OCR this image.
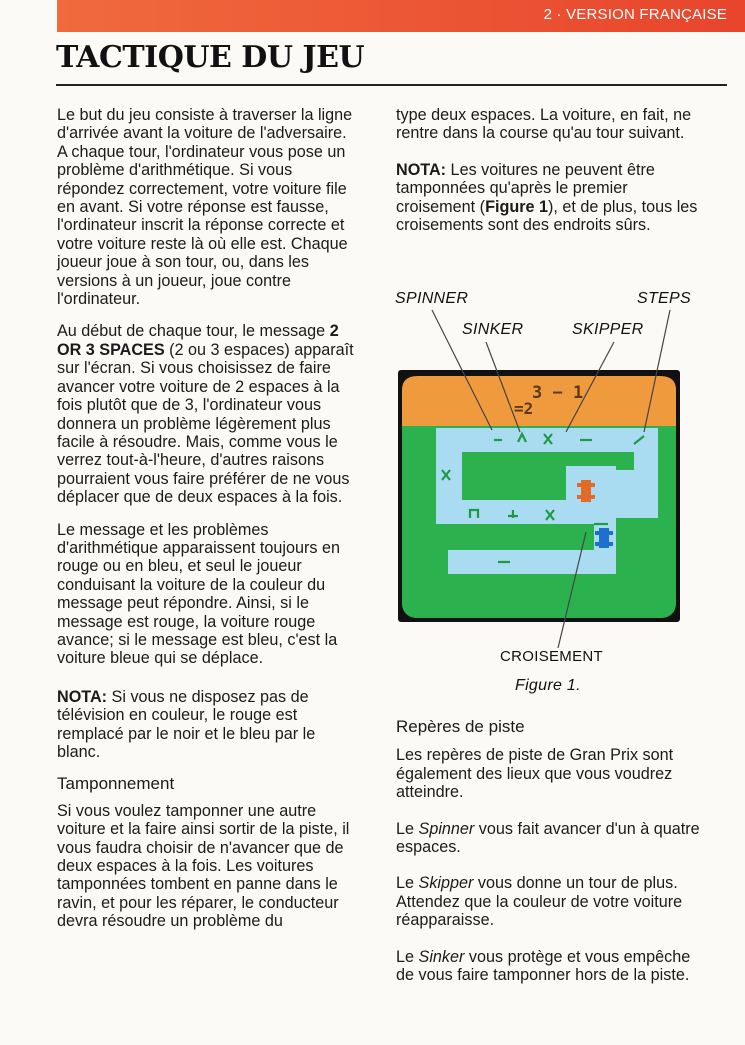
2 · VERSION FRANÇAISE
TACTIQUE DU JEU

Le but du jeu consiste à traverser la ligne d'arrivée avant la voiture de l'adversaire. A chaque tour, l'ordinateur vous pose un problème d'arithmétique. Si vous répondez correctement, votre voiture file en avant. Si votre réponse est fausse, l'ordinateur inscrit la réponse correcte et votre voiture reste là où elle est. Chaque joueur joue à son tour, ou, dans les versions à un joueur, joue contre l'ordinateur.

Au début de chaque tour, le message 2 OR 3 SPACES (2 ou 3 espaces) apparaît sur l'écran. Si vous choisissez de faire avancer votre voiture de 2 espaces à la fois plutôt que de 3, l'ordinateur vous donnera un problème légèrement plus facile à résoudre. Mais, comme vous le verrez tout-à-l'heure, d'autres raisons pourraient vous faire préférer de ne vous déplacer que de deux espaces à la fois.

Le message et les problèmes d'arithmétique apparaissent toujours en rouge ou en bleu, et seul le joueur conduisant la voiture de la couleur du message peut répondre. Ainsi, si le message est rouge, la voiture rouge avance; si le message est bleu, c'est la voiture bleue qui se déplace.

NOTA: Si vous ne disposez pas de télévision en couleur, le rouge est remplacé par le noir et le bleu par le blanc.

Tamponnement

Si vous voulez tamponner une autre voiture et la faire ainsi sortir de la piste, il vous faudra choisir de n'avancer que de deux espaces à la fois. Les voitures tamponnées tombent en panne dans le ravin, et pour les réparer, le conducteur devra résoudre un problème du

type deux espaces. La voiture, en fait, ne rentre dans la course qu'au tour suivant.

NOTA: Les voitures ne peuvent être tamponnées qu'après le premier croisement (Figure 1), et de plus, tous les croisements sont des endroits sûrs.

Repères de piste

Les repères de piste de Gran Prix sont également des lieux que vous voudrez atteindre.

Le Spinner vous fait avancer d'un à quatre espaces.

Le Skipper vous donne un tour de plus. Attendez que la couleur de votre voiture réapparaisse.

Le Sinker vous protège et vous empêche de vous faire tamponner hors de la piste.

SPINNER	STEPS
SINKER	SKIPPER
3 − 1
=2
CROISEMENT
Figure 1.
